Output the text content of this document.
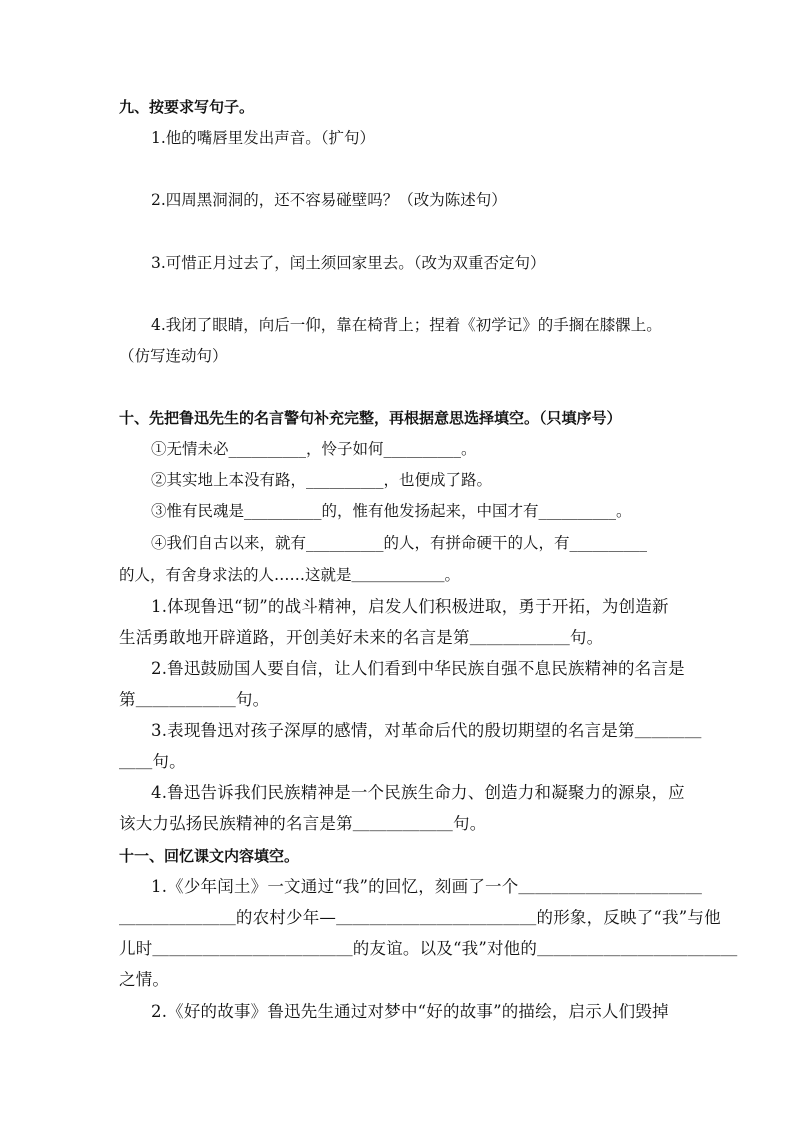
九、按要求写句子。
1.他的嘴唇里发出声音。（扩句）
2.四周黑洞洞的，还不容易碰壁吗？（改为陈述句）
3.可惜正月过去了，闰土须回家里去。（改为双重否定句）
4.我闭了眼睛，向后一仰，靠在椅背上；捏着《初学记》的手搁在膝髁上。
（仿写连动句）
十、先把鲁迅先生的名言警句补充完整，再根据意思选择填空。（只填序号）
①无情未必__________，怜子如何__________。
②其实地上本没有路，__________，也便成了路。
③惟有民魂是__________的，惟有他发扬起来，中国才有__________。
④我们自古以来，就有__________的人，有拼命硬干的人，有__________
的人，有舍身求法的人……这就是＿＿＿＿＿＿。
1.体现鲁迅“韧”的战斗精神，启发人们积极进取，勇于开拓，为创造新
生活勇敢地开辟道路，开创美好未来的名言是第＿＿＿＿＿＿句。
2.鲁迅鼓励国人要自信，让人们看到中华民族自强不息民族精神的名言是
第＿＿＿＿＿＿句。
3.表现鲁迅对孩子深厚的感情，对革命后代的殷切期望的名言是第＿＿＿＿
＿＿句。
4.鲁迅告诉我们民族精神是一个民族生命力、创造力和凝聚力的源泉，应
该大力弘扬民族精神的名言是第＿＿＿＿＿＿句。
十一、回忆课文内容填空。
1.《少年闰土》一文通过“我”的回忆，刻画了一个＿＿＿＿＿＿＿＿＿＿＿
＿＿＿＿＿＿＿的农村少年—＿＿＿＿＿＿＿＿＿＿＿＿的形象，反映了“我”与他
儿时＿＿＿＿＿＿＿＿＿＿＿＿的友谊。以及“我”对他的＿＿＿＿＿＿＿＿＿＿＿＿
之情。
2.《好的故事》鲁迅先生通过对梦中“好的故事”的描绘，启示人们毁掉
